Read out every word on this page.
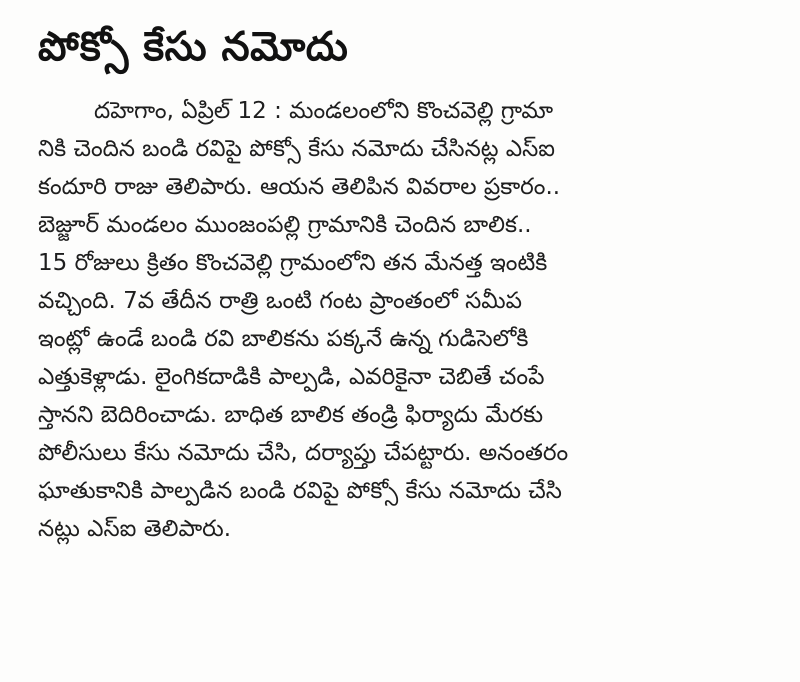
పోక్సో కేసు నమోదు
దహెగాం, ఏప్రిల్ 12 : మండలంలోని కొంచవెల్లి గ్రామా
నికి చెందిన బండి రవిపై పోక్సో కేసు నమోదు చేసినట్ల ఎస్ఐ
కందూరి రాజు తెలిపారు. ఆయన తెలిపిన వివరాల ప్రకారం..
బెజ్జూర్ మండలం ముంజంపల్లి గ్రామానికి చెందిన బాలిక..
15 రోజులు క్రితం కొంచవెల్లి గ్రామంలోని తన మేనత్త ఇంటికి
వచ్చింది. 7వ తేదీన రాత్రి ఒంటి గంట ప్రాంతంలో సమీప
ఇంట్లో ఉండే బండి రవి బాలికను పక్కనే ఉన్న గుడిసెలోకి
ఎత్తుకెళ్లాడు. లైంగికదాడికి పాల్పడి, ఎవరికైనా చెబితే చంపే
స్తానని బెదిరించాడు. బాధిత బాలిక తండ్రి ఫిర్యాదు మేరకు
పోలీసులు కేసు నమోదు చేసి, దర్యాప్తు చేపట్టారు. అనంతరం
ఘాతుకానికి పాల్పడిన బండి రవిపై పోక్సో కేసు నమోదు చేసి
నట్లు ఎస్ఐ తెలిపారు.
